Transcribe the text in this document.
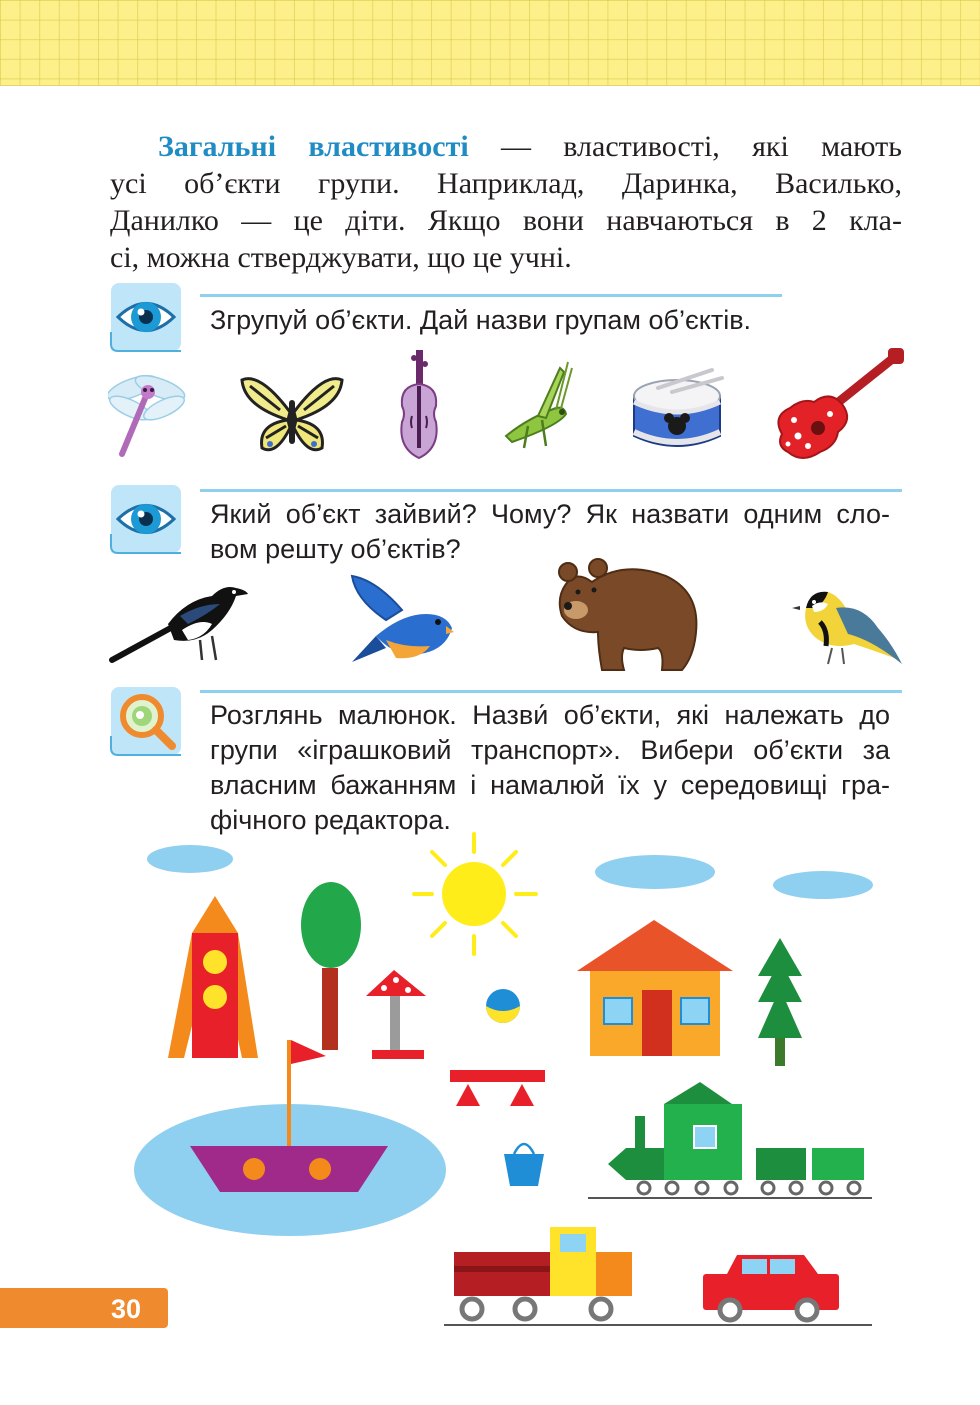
Загальні властивості — властивості, які мають
усі об’єкти групи. Наприклад, Даринка, Василько,
Данилко — це діти. Якщо вони навчаються в 2 кла-
сі, можна стверджувати, що це учні.
Згрупуй об’єкти. Дай назви групам об’єктів.
Який об’єкт зайвий? Чому? Як назвати одним сло-
вом решту об’єктів?
Розглянь малюнок. Назви́ об’єкти, які належать до
групи «іграшковий транспорт». Вибери об’єкти за
власним бажанням і намалюй їх у середовищі гра-
фічного редактора.
30
